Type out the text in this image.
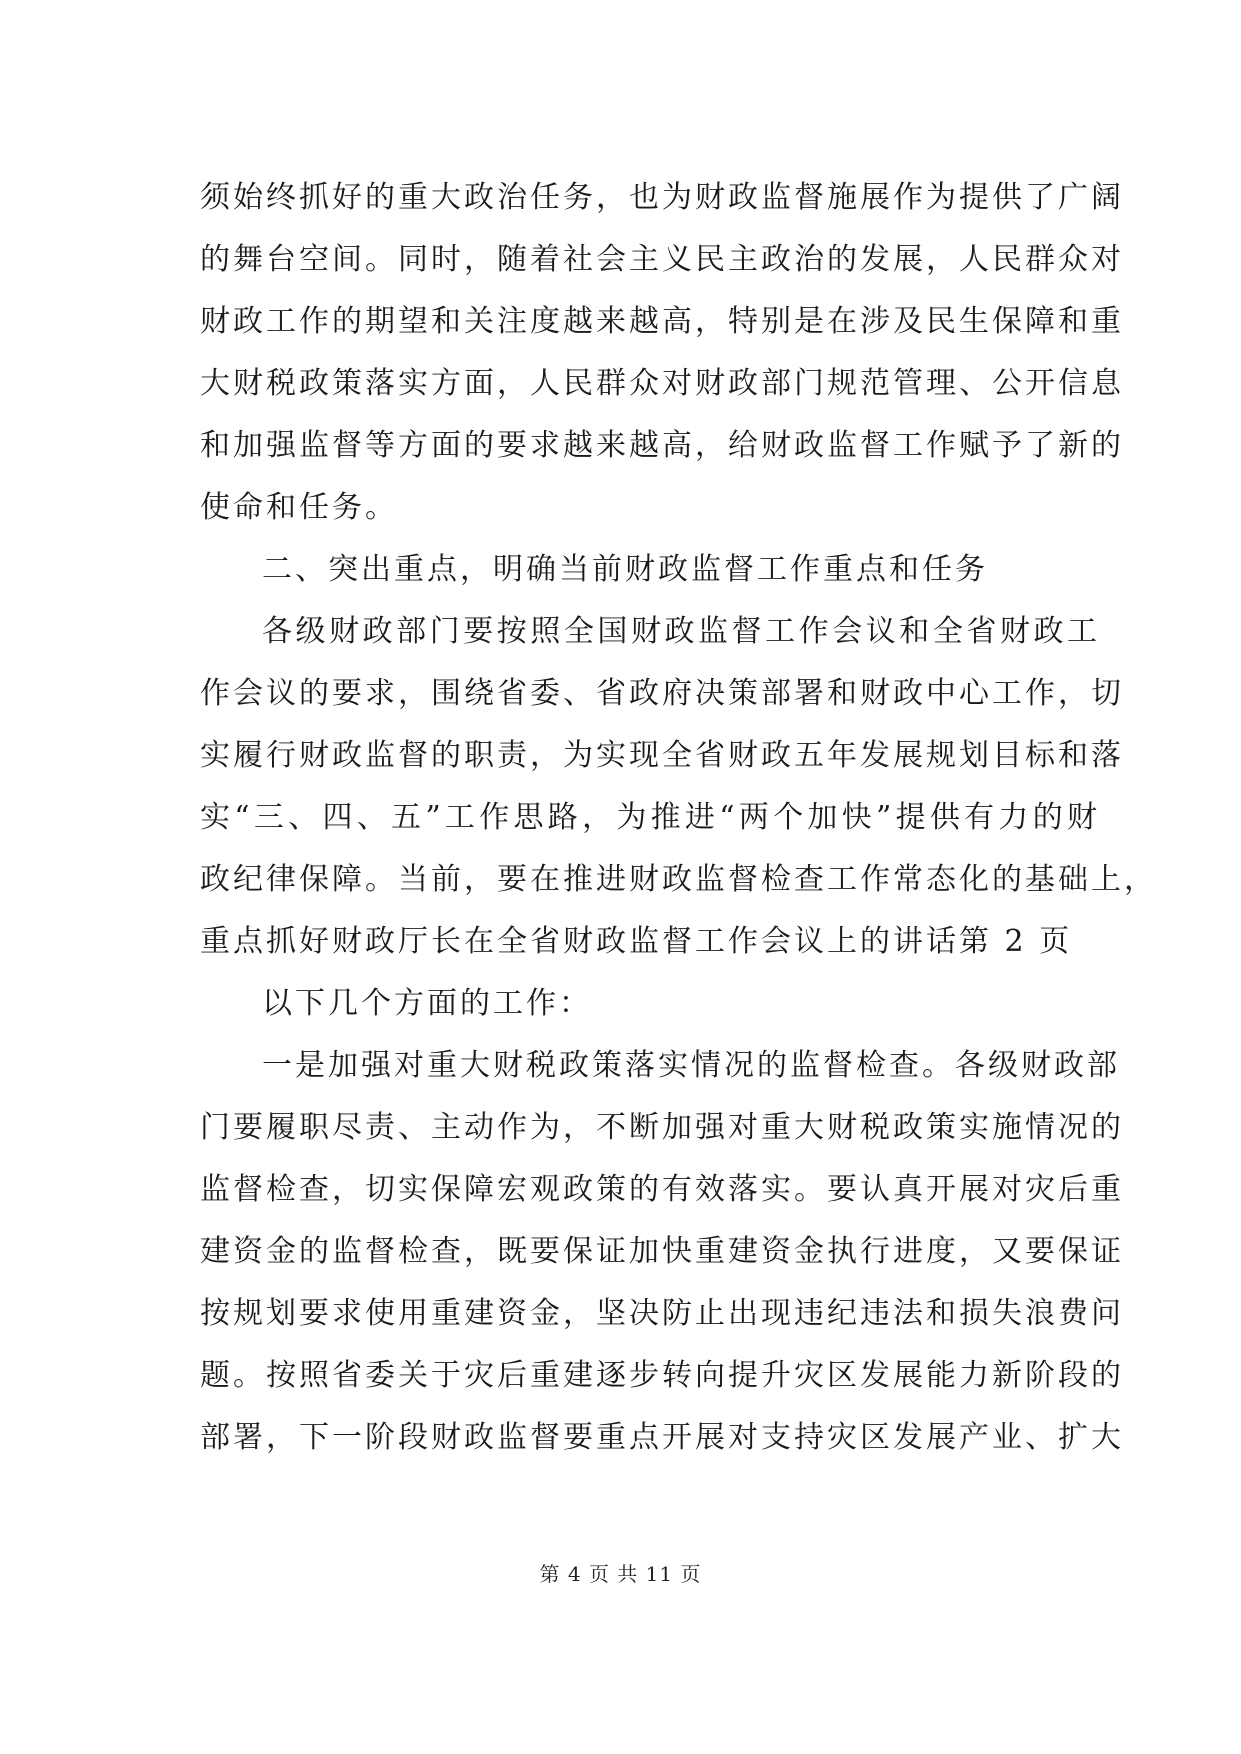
须始终抓好的重大政治任务，也为财政监督施展作为提供了广阔
的舞台空间。同时，随着社会主义民主政治的发展，人民群众对
财政工作的期望和关注度越来越高，特别是在涉及民生保障和重
大财税政策落实方面，人民群众对财政部门规范管理、公开信息
和加强监督等方面的要求越来越高，给财政监督工作赋予了新的
使命和任务。
二、突出重点，明确当前财政监督工作重点和任务
各级财政部门要按照全国财政监督工作会议和全省财政工
作会议的要求，围绕省委、省政府决策部署和财政中心工作，切
实履行财政监督的职责，为实现全省财政五年发展规划目标和落
实“三、四、五”工作思路，为推进“两个加快”提供有力的财
政纪律保障。当前，要在推进财政监督检查工作常态化的基础上，
重点抓好财政厅长在全省财政监督工作会议上的讲话第 2 页
以下几个方面的工作：
一是加强对重大财税政策落实情况的监督检查。各级财政部
门要履职尽责、主动作为，不断加强对重大财税政策实施情况的
监督检查，切实保障宏观政策的有效落实。要认真开展对灾后重
建资金的监督检查，既要保证加快重建资金执行进度，又要保证
按规划要求使用重建资金，坚决防止出现违纪违法和损失浪费问
题。按照省委关于灾后重建逐步转向提升灾区发展能力新阶段的
部署，下一阶段财政监督要重点开展对支持灾区发展产业、扩大
第 4 页 共 11 页
